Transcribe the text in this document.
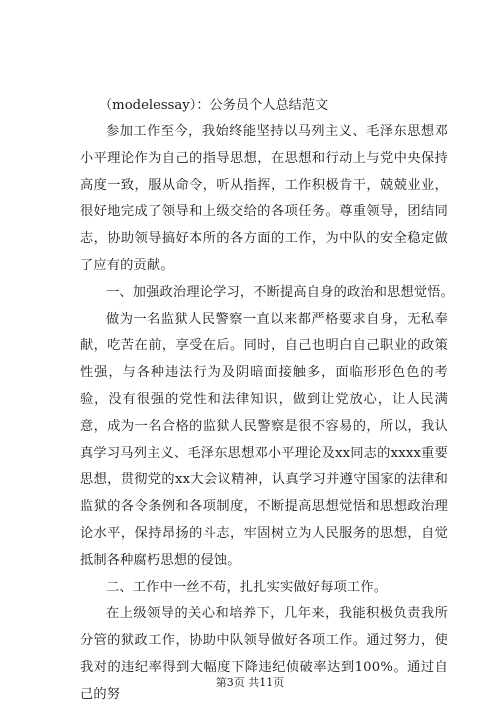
（modelessay）：公务员个人总结范文

参加工作至今，我始终能坚持以马列主义、毛泽东思想邓小平理论作为自己的指导思想，在思想和行动上与党中央保持高度一致，服从命令，听从指挥，工作积极肯干，兢兢业业，很好地完成了领导和上级交给的各项任务。尊重领导，团结同志，协助领导搞好本所的各方面的工作，为中队的安全稳定做了应有的贡献。

一、加强政治理论学习，不断提高自身的政治和思想觉悟。

做为一名监狱人民警察一直以来都严格要求自身，无私奉献，吃苦在前，享受在后。同时，自己也明白自己职业的政策性强，与各种违法行为及阴暗面接触多，面临形形色色的考验，没有很强的党性和法律知识，做到让党放心，让人民满意，成为一名合格的监狱人民警察是很不容易的，所以，我认真学习马列主义、毛泽东思想邓小平理论及xx同志的xxxx重要思想，贯彻党的xx大会议精神，认真学习并遵守国家的法律和监狱的各令条例和各项制度，不断提高思想觉悟和思想政治理论水平，保持昂扬的斗志，牢固树立为人民服务的思想，自觉抵制各种腐朽思想的侵蚀。

二、工作中一丝不苟，扎扎实实做好每项工作。

在上级领导的关心和培养下，几年来，我能积极负责我所分管的狱政工作，协助中队领导做好各项工作。通过努力，使我对的违纪率得到大幅度下降违纪侦破率达到100%。通过自己的努

第3页 共11页
